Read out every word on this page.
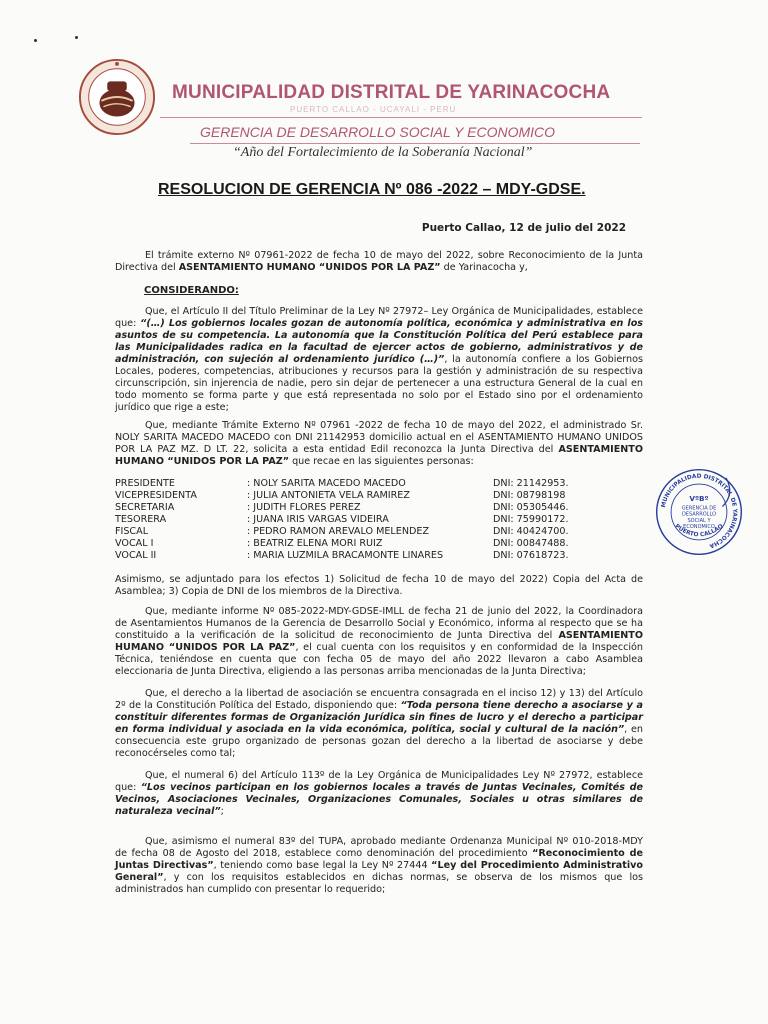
MUNICIPALIDAD DISTRITAL DE YARINACOCHA
PUERTO CALLAO - UCAYALI - PERU
GERENCIA DE DESARROLLO SOCIAL Y ECONOMICO
“Año del Fortalecimiento de la Soberanía Nacional”
RESOLUCION DE GERENCIA Nº 086 -2022 – MDY-GDSE.
Puerto Callao, 12 de julio del 2022
El trámite externo Nº 07961-2022 de fecha 10 de mayo del 2022, sobre Reconocimiento de la Junta Directiva del ASENTAMIENTO HUMANO “UNIDOS POR LA PAZ” de Yarinacocha y,
CONSIDERANDO:
Que, el Artículo II del Título Preliminar de la Ley Nº 27972– Ley Orgánica de Municipalidades, establece que: “(…) Los gobiernos locales gozan de autonomía política, económica y administrativa en los asuntos de su competencia. La autonomía que la Constitución Política del Perú establece para las Municipalidades radica en la facultad de ejercer actos de gobierno, administrativos y de administración, con sujeción al ordenamiento jurídico (…)”, la autonomía confiere a los Gobiernos Locales, poderes, competencias, atribuciones y recursos para la gestión y administración de su respectiva circunscripción, sin injerencia de nadie, pero sin dejar de pertenecer a una estructura General de la cual en todo momento se forma parte y que está representada no solo por el Estado sino por el ordenamiento jurídico que rige a este;
Que, mediante Trámite Externo Nº 07961 -2022 de fecha 10 de mayo del 2022, el administrado Sr. NOLY SARITA MACEDO MACEDO con DNI 21142953 domicilio actual en el ASENTAMIENTO HUMANO UNIDOS POR LA PAZ MZ. D LT. 22, solicita a esta entidad Edil reconozca la Junta Directiva del ASENTAMIENTO HUMANO “UNIDOS POR LA PAZ” que recae en las siguientes personas:
PRESIDENTE	: NOLY SARITA MACEDO MACEDO	DNI: 21142953.
VICEPRESIDENTA	: JULIA ANTONIETA VELA RAMIREZ	DNI: 08798198
SECRETARIA	: JUDITH FLORES PEREZ	DNI: 05305446.
TESORERA	: JUANA IRIS VARGAS VIDEIRA	DNI: 75990172.
FISCAL	: PEDRO RAMON AREVALO MELENDEZ	DNI: 40424700.
VOCAL I	: BEATRIZ ELENA MORI RUIZ	DNI: 00847488.
VOCAL II	: MARIA LUZMILA BRACAMONTE LINARES	DNI: 07618723.
Asimismo, se adjuntado para los efectos 1) Solicitud de fecha 10 de mayo del 2022) Copia del Acta de Asamblea; 3) Copia de DNI de los miembros de la Directiva.
Que, mediante informe Nº 085-2022-MDY-GDSE-IMLL de fecha 21 de junio del 2022, la Coordinadora de Asentamientos Humanos de la Gerencia de Desarrollo Social y Económico, informa al respecto que se ha constituido a la verificación de la solicitud de reconocimiento de Junta Directiva del ASENTAMIENTO HUMANO “UNIDOS POR LA PAZ”, el cual cuenta con los requisitos y en conformidad de la Inspección Técnica, teniéndose en cuenta que con fecha 05 de mayo del año 2022 llevaron a cabo Asamblea eleccionaria de Junta Directiva, eligiendo a las personas arriba mencionadas de la Junta Directiva;
Que, el derecho a la libertad de asociación se encuentra consagrada en el inciso 12) y 13) del Artículo 2º de la Constitución Política del Estado, disponiendo que: “Toda persona tiene derecho a asociarse y a constituir diferentes formas de Organización Jurídica sin fines de lucro y el derecho a participar en forma individual y asociada en la vida económica, política, social y cultural de la nación”, en consecuencia este grupo organizado de personas gozan del derecho a la libertad de asociarse y debe reconocérseles como tal;
Que, el numeral 6) del Artículo 113º de la Ley Orgánica de Municipalidades Ley Nº 27972, establece que: “Los vecinos participan en los gobiernos locales a través de Juntas Vecinales, Comités de Vecinos, Asociaciones Vecinales, Organizaciones Comunales, Sociales u otras similares de naturaleza vecinal”;
Que, asimismo el numeral 83º del TUPA, aprobado mediante Ordenanza Municipal Nº 010-2018-MDY de fecha 08 de Agosto del 2018, establece como denominación del procedimiento “Reconocimiento de Juntas Directivas”, teniendo como base legal la Ley Nº 27444 “Ley del Procedimiento Administrativo General”, y con los requisitos establecidos en dichas normas, se observa de los mismos que los administrados han cumplido con presentar lo requerido;
MUNICIPALIDAD DISTRITAL DE YARINACOCHA
VºBº
GERENCIA DE
DESARROLLO
SOCIAL Y
ECONOMICO
PUERTO CALLAO
